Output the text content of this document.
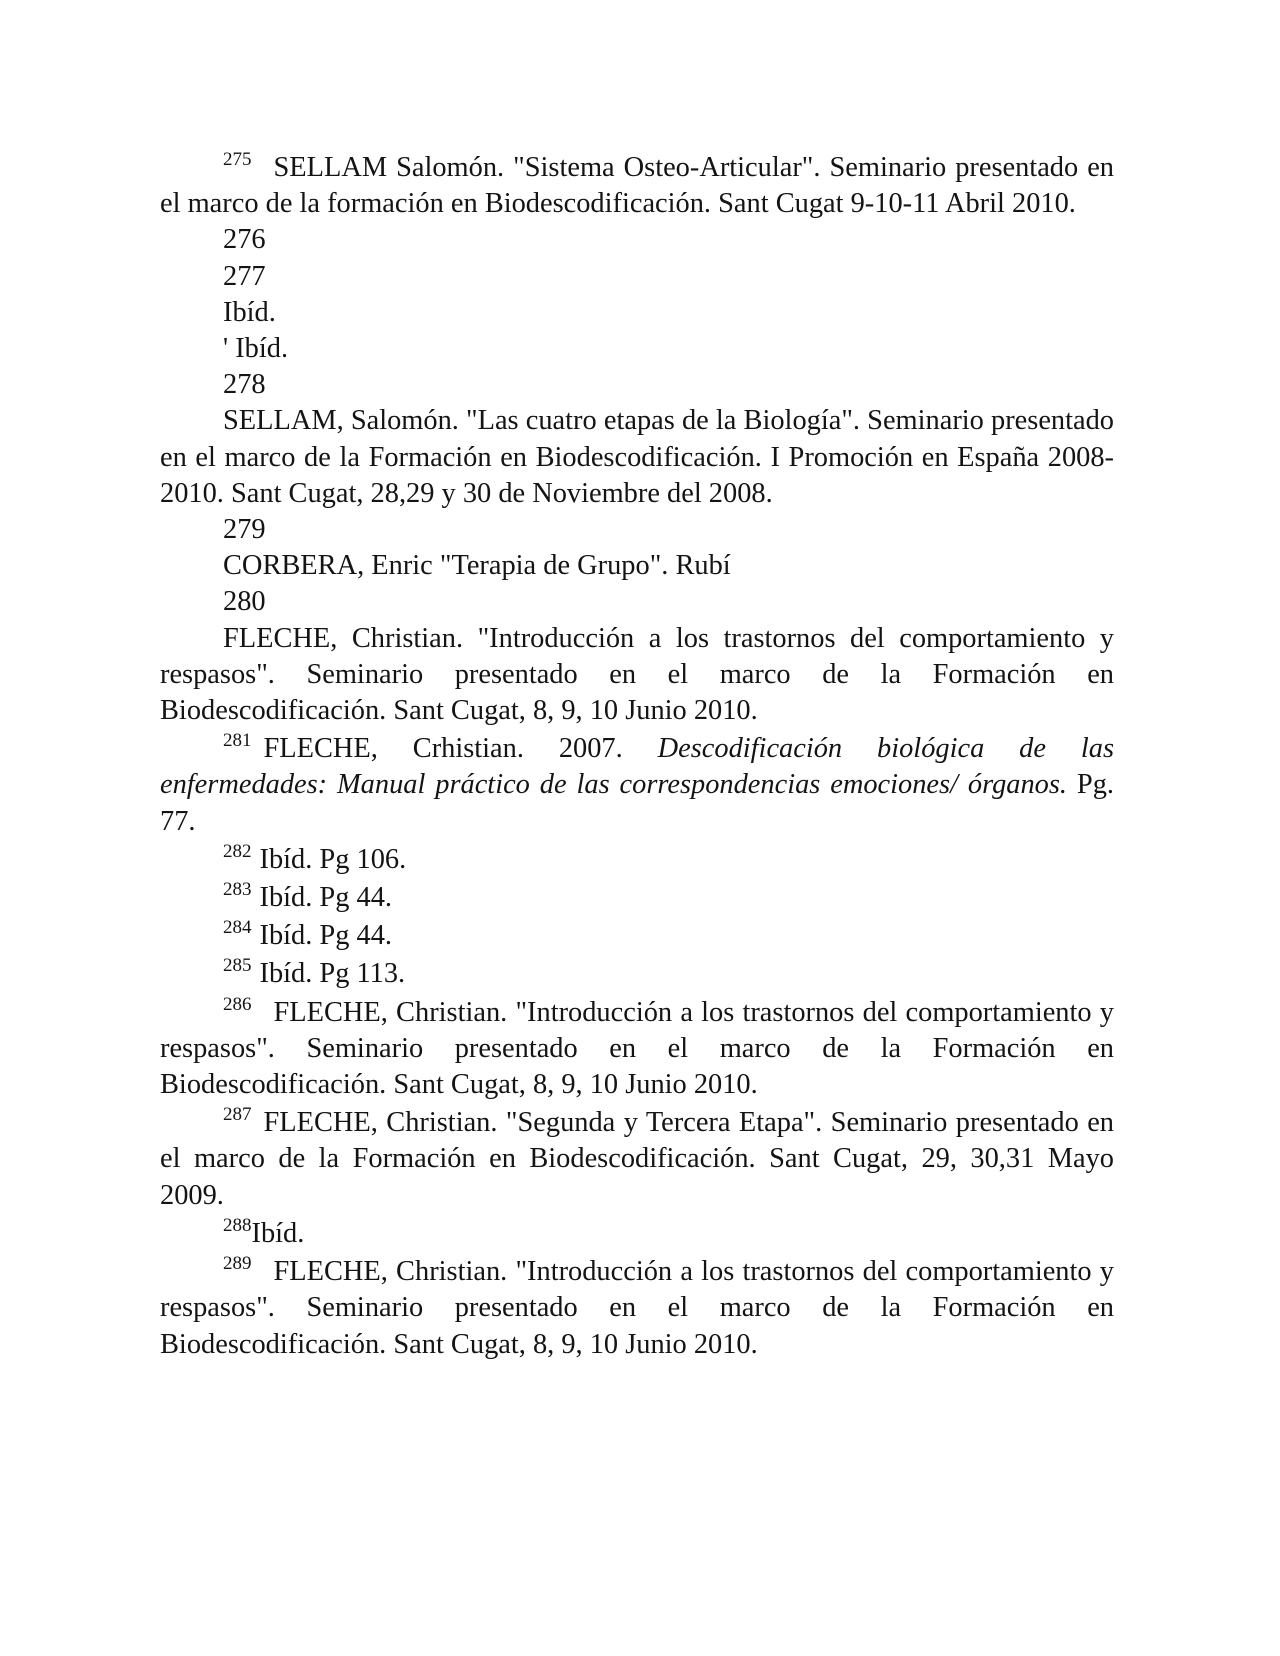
$^{275}$ SELLAM Salomón. "Sistema Osteo-Articular". Seminario presentado en el marco de la formación en Biodescodificación. Sant Cugat 9-10-11 Abril 2010.

276

277

Ibíd.

' Ibíd.

278

SELLAM, Salomón. "Las cuatro etapas de la Biología". Seminario presentado en el marco de la Formación en Biodescodificación. I Promoción en España 2008-2010. Sant Cugat, 28,29 y 30 de Noviembre del 2008.

279

CORBERA, Enric "Terapia de Grupo". Rubí

280

FLECHE, Christian. "Introducción a los trastornos del comportamiento y respasos". Seminario presentado en el marco de la Formación en Biodescodificación. Sant Cugat, 8, 9, 10 Junio 2010.

$^{281}$ FLECHE, Crhistian. 2007. Descodificación biológica de las enfermedades: Manual práctico de las correspondencias emociones/ órganos. Pg. 77.

$^{282}$ Ibíd. Pg 106.

$^{283}$ Ibíd. Pg 44.

$^{284}$ Ibíd. Pg 44.

$^{285}$ Ibíd. Pg 113.

$^{286}$ FLECHE, Christian. "Introducción a los trastornos del comportamiento y respasos". Seminario presentado en el marco de la Formación en Biodescodificación. Sant Cugat, 8, 9, 10 Junio 2010.

$^{287}$ FLECHE, Christian. "Segunda y Tercera Etapa". Seminario presentado en el marco de la Formación en Biodescodificación. Sant Cugat, 29, 30,31 Mayo 2009.

$^{288}$Ibíd.

$^{289}$ FLECHE, Christian. "Introducción a los trastornos del comportamiento y respasos". Seminario presentado en el marco de la Formación en Biodescodificación. Sant Cugat, 8, 9, 10 Junio 2010.
